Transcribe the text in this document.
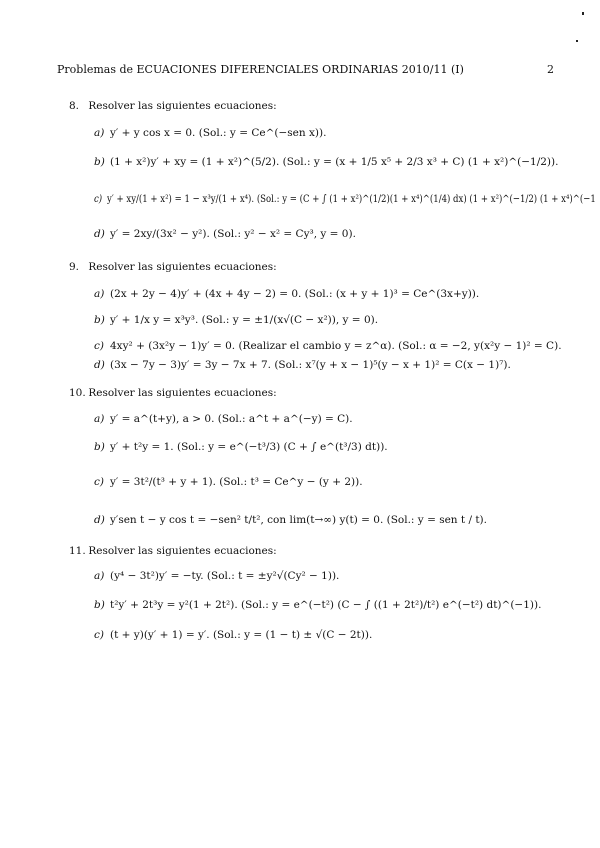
Problemas de ECUACIONES DIFERENCIALES ORDINARIAS 2010/11 (I)	2
8. Resolver las siguientes ecuaciones:
a) y′ + y cos x = 0. (Sol.: y = Ce^(−sen x)).
b) (1 + x²)y′ + xy = (1 + x²)^(5/2). (Sol.: y = (x + 1/5 x⁵ + 2/3 x³ + C) (1 + x²)^(−1/2)).
c) y′ + xy/(1 + x²) = 1 − x³y/(1 + x⁴). (Sol.: y = (C + ∫ (1 + x²)^(1/2)(1 + x⁴)^(1/4) dx) (1 + x²)^(−1/2) (1 + x⁴)^(−1
d) y′ = 2xy/(3x² − y²). (Sol.: y² − x² = Cy³, y = 0).
9. Resolver las siguientes ecuaciones:
a) (2x + 2y − 4)y′ + (4x + 4y − 2) = 0. (Sol.: (x + y + 1)³ = Ce^(3x+y)).
b) y′ + 1/x y = x³y³. (Sol.: y = ±1/(x√(C − x²)), y = 0).
c) 4xy² + (3x²y − 1)y′ = 0. (Realizar el cambio y = z^α). (Sol.: α = −2, y(x²y − 1)² = C).
d) (3x − 7y − 3)y′ = 3y − 7x + 7. (Sol.: x⁷(y + x − 1)⁵(y − x + 1)² = C(x − 1)⁷).
10. Resolver las siguientes ecuaciones:
a) y′ = a^(t+y), a > 0. (Sol.: a^t + a^(−y) = C).
b) y′ + t²y = 1. (Sol.: y = e^(−t³/3) (C + ∫ e^(t³/3) dt)).
c) y′ = 3t²/(t³ + y + 1). (Sol.: t³ = Ce^y − (y + 2)).
d) y′sen t − y cos t = −sen² t/t², con lim(t→∞) y(t) = 0. (Sol.: y = sen t / t).
11. Resolver las siguientes ecuaciones:
a) (y⁴ − 3t²)y′ = −ty. (Sol.: t = ±y²√(Cy² − 1)).
b) t²y′ + 2t³y = y²(1 + 2t²). (Sol.: y = e^(−t²) (C − ∫ ((1 + 2t²)/t²) e^(−t²) dt)^(−1)).
c) (t + y)(y′ + 1) = y′. (Sol.: y = (1 − t) ± √(C − 2t)).
